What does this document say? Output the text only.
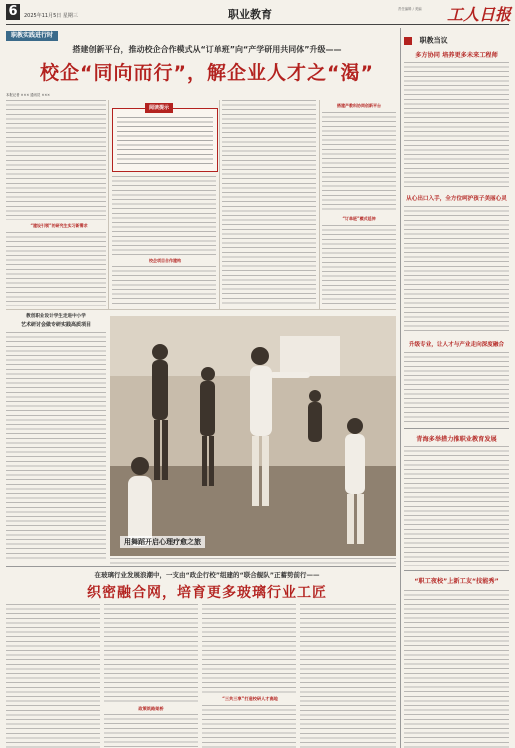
6	2025年11月5日 星期三	职业教育	责任编辑 / 美编 工人日报
职教实践进行时
搭建创新平台，推动校企合作模式从“订单班”向“产学研用共同体”升级——
校企“同向而行”，解企业人才之“渴”
本报记者 ××× 通讯员 ×××
“建设引领”的研究生实习新需求
阅读提示
校企项目合作建构
搭建产教科协同创新平台
“订单班”模式延伸
教创职业设计学生走进中小学
艺术研讨会做专研实践高质项目
用舞蹈开启心理疗愈之旅
在玻璃行业发展浪潮中，一支由“政企行校”组建的“联合舰队”正蓄势前行——
织密融合网，培育更多玻璃行业工匠
政策筑路架桥
“三共三享”打造校研人才高地
职教当议
多方协同 培养更多未来工程师
从心出口入手，全方位呵护孩子美丽心灵
升级专业，让人才与产业走向深度融合
青海多举措力推职业教育发展
“职工夜校”上新工友“技能秀”
